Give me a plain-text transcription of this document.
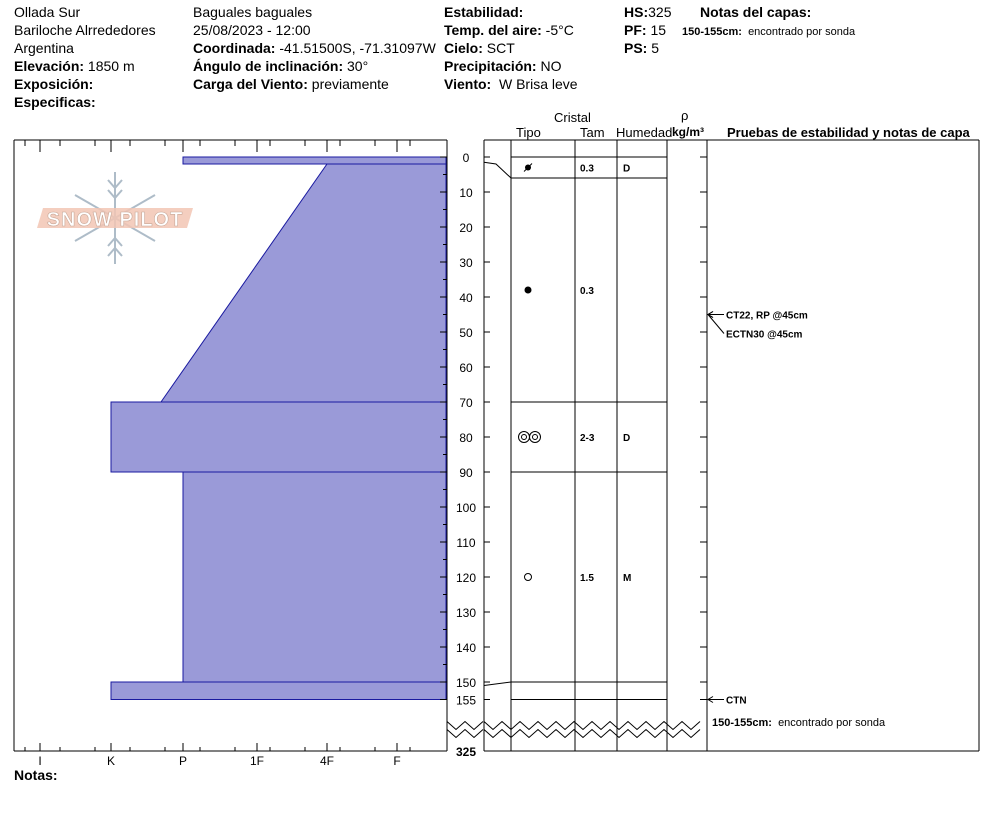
Ollada Sur
Bariloche Alrrededores
Argentina
Elevación: 1850 m
Exposición:
Especificas:
Baguales baguales
25/08/2023 - 12:00
Coordinada: -41.51500S, -71.31097W
Ángulo de inclinación: 30°
Carga del Viento: previamente
Estabilidad:
Temp. del aire: -5°C
Cielo: SCT
Precipitación: NO
Viento: W Brisa leve
HS:325
PF: 15
PS: 5
Notas del capas:
150-155cm: encontrado por sonda
Cristal
Tipo	Tam Humedad
ρ
kg/m³ Pruebas de estabilidad y notas de capa
SNOW PILOT
0
10
20
30
40
50
60
70
80
90
100
110
120
130
140
150
155
325
I	K	P	1F	4F	F
0.3	D
0.3
2-3	D
1.5	M
CT22, RP @45cm
ECTN30 @45cm
CTN
150-155cm: encontrado por sonda
Notas:
